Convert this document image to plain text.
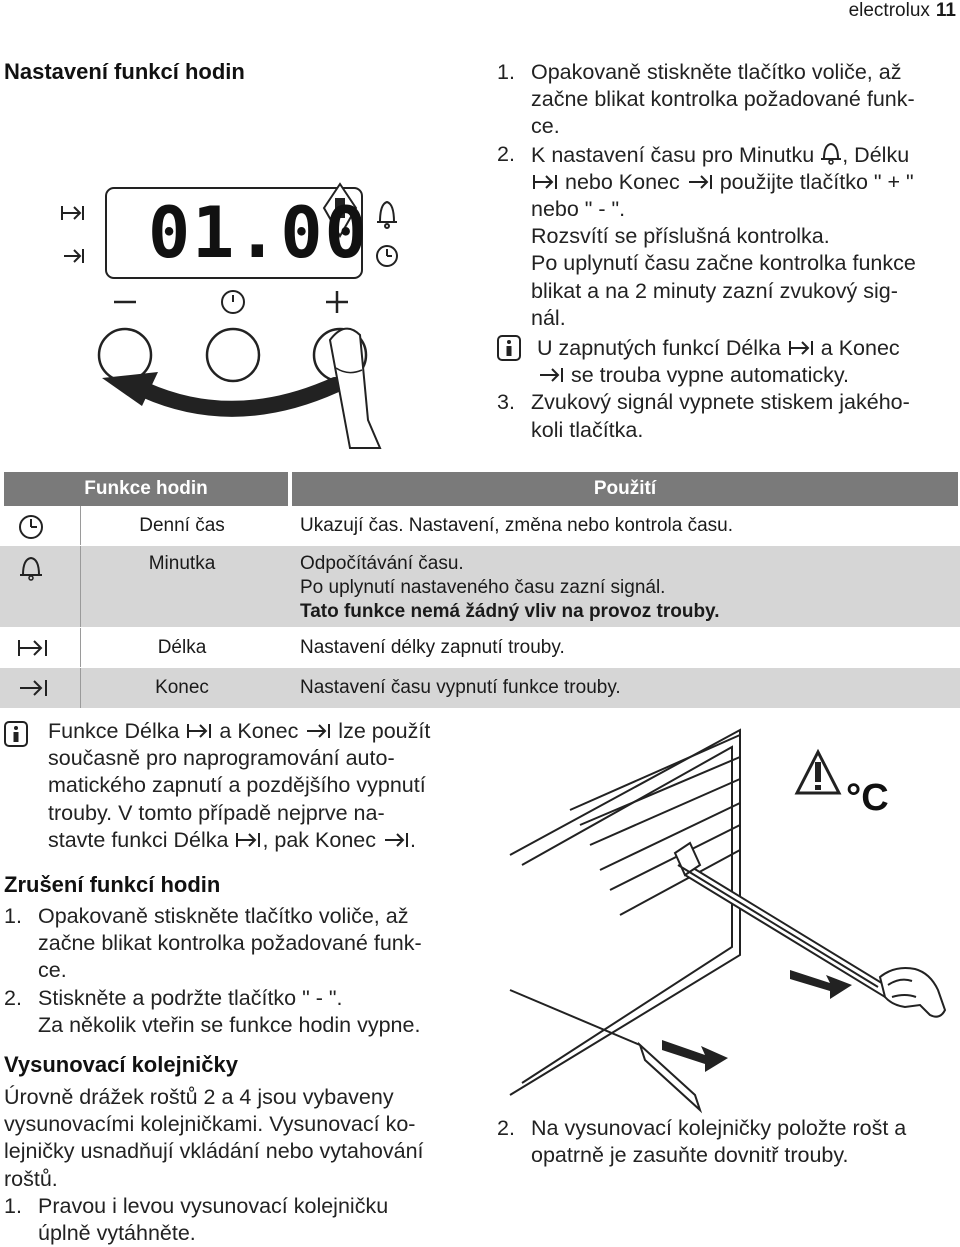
electrolux 11
Nastavení funkcí hodin
01.00
1. Opakovaně stiskněte tlačítko voliče, až
začne blikat kontrolka požadované funk-
ce.
2. K nastavení času pro Minutku , Délku
nebo Konec použijte tlačítko " + "
nebo " - ".
Rozsvítí se příslušná kontrolka.
Po uplynutí času začne kontrolka funkce
blikat a na 2 minuty zazní zvukový sig-
nál.
U zapnutých funkcí Délka a Konec
se trouba vypne automaticky.
3. Zvukový signál vypnete stiskem jakého-
koli tlačítka.
Funkce hodin	Použití
Denní čas	Ukazují čas. Nastavení, změna nebo kontrola času.
Minutka	Odpočítávání času.
Po uplynutí nastaveného času zazní signál.
Tato funkce nemá žádný vliv na provoz trouby.
Délka	Nastavení délky zapnutí trouby.
Konec	Nastavení času vypnutí funkce trouby.
Funkce Délka a Konec lze použít
současně pro naprogramování auto-
matického zapnutí a pozdějšího vypnutí
trouby. V tomto případě nejprve na-
stavte funkci Délka , pak Konec .
Zrušení funkcí hodin
1. Opakovaně stiskněte tlačítko voliče, až
začne blikat kontrolka požadované funk-
ce.
2. Stiskněte a podržte tlačítko " - ".
Za několik vteřin se funkce hodin vypne.
Vysunovací kolejničky
Úrovně drážek roštů 2 a 4 jsou vybaveny
vysunovacími kolejničkami. Vysunovací ko-
lejničky usnadňují vkládání nebo vytahování
roštů.
1. Pravou i levou vysunovací kolejničku
úplně vytáhněte.
°C
2. Na vysunovací kolejničky položte rošt a
opatrně je zasuňte dovnitř trouby.
